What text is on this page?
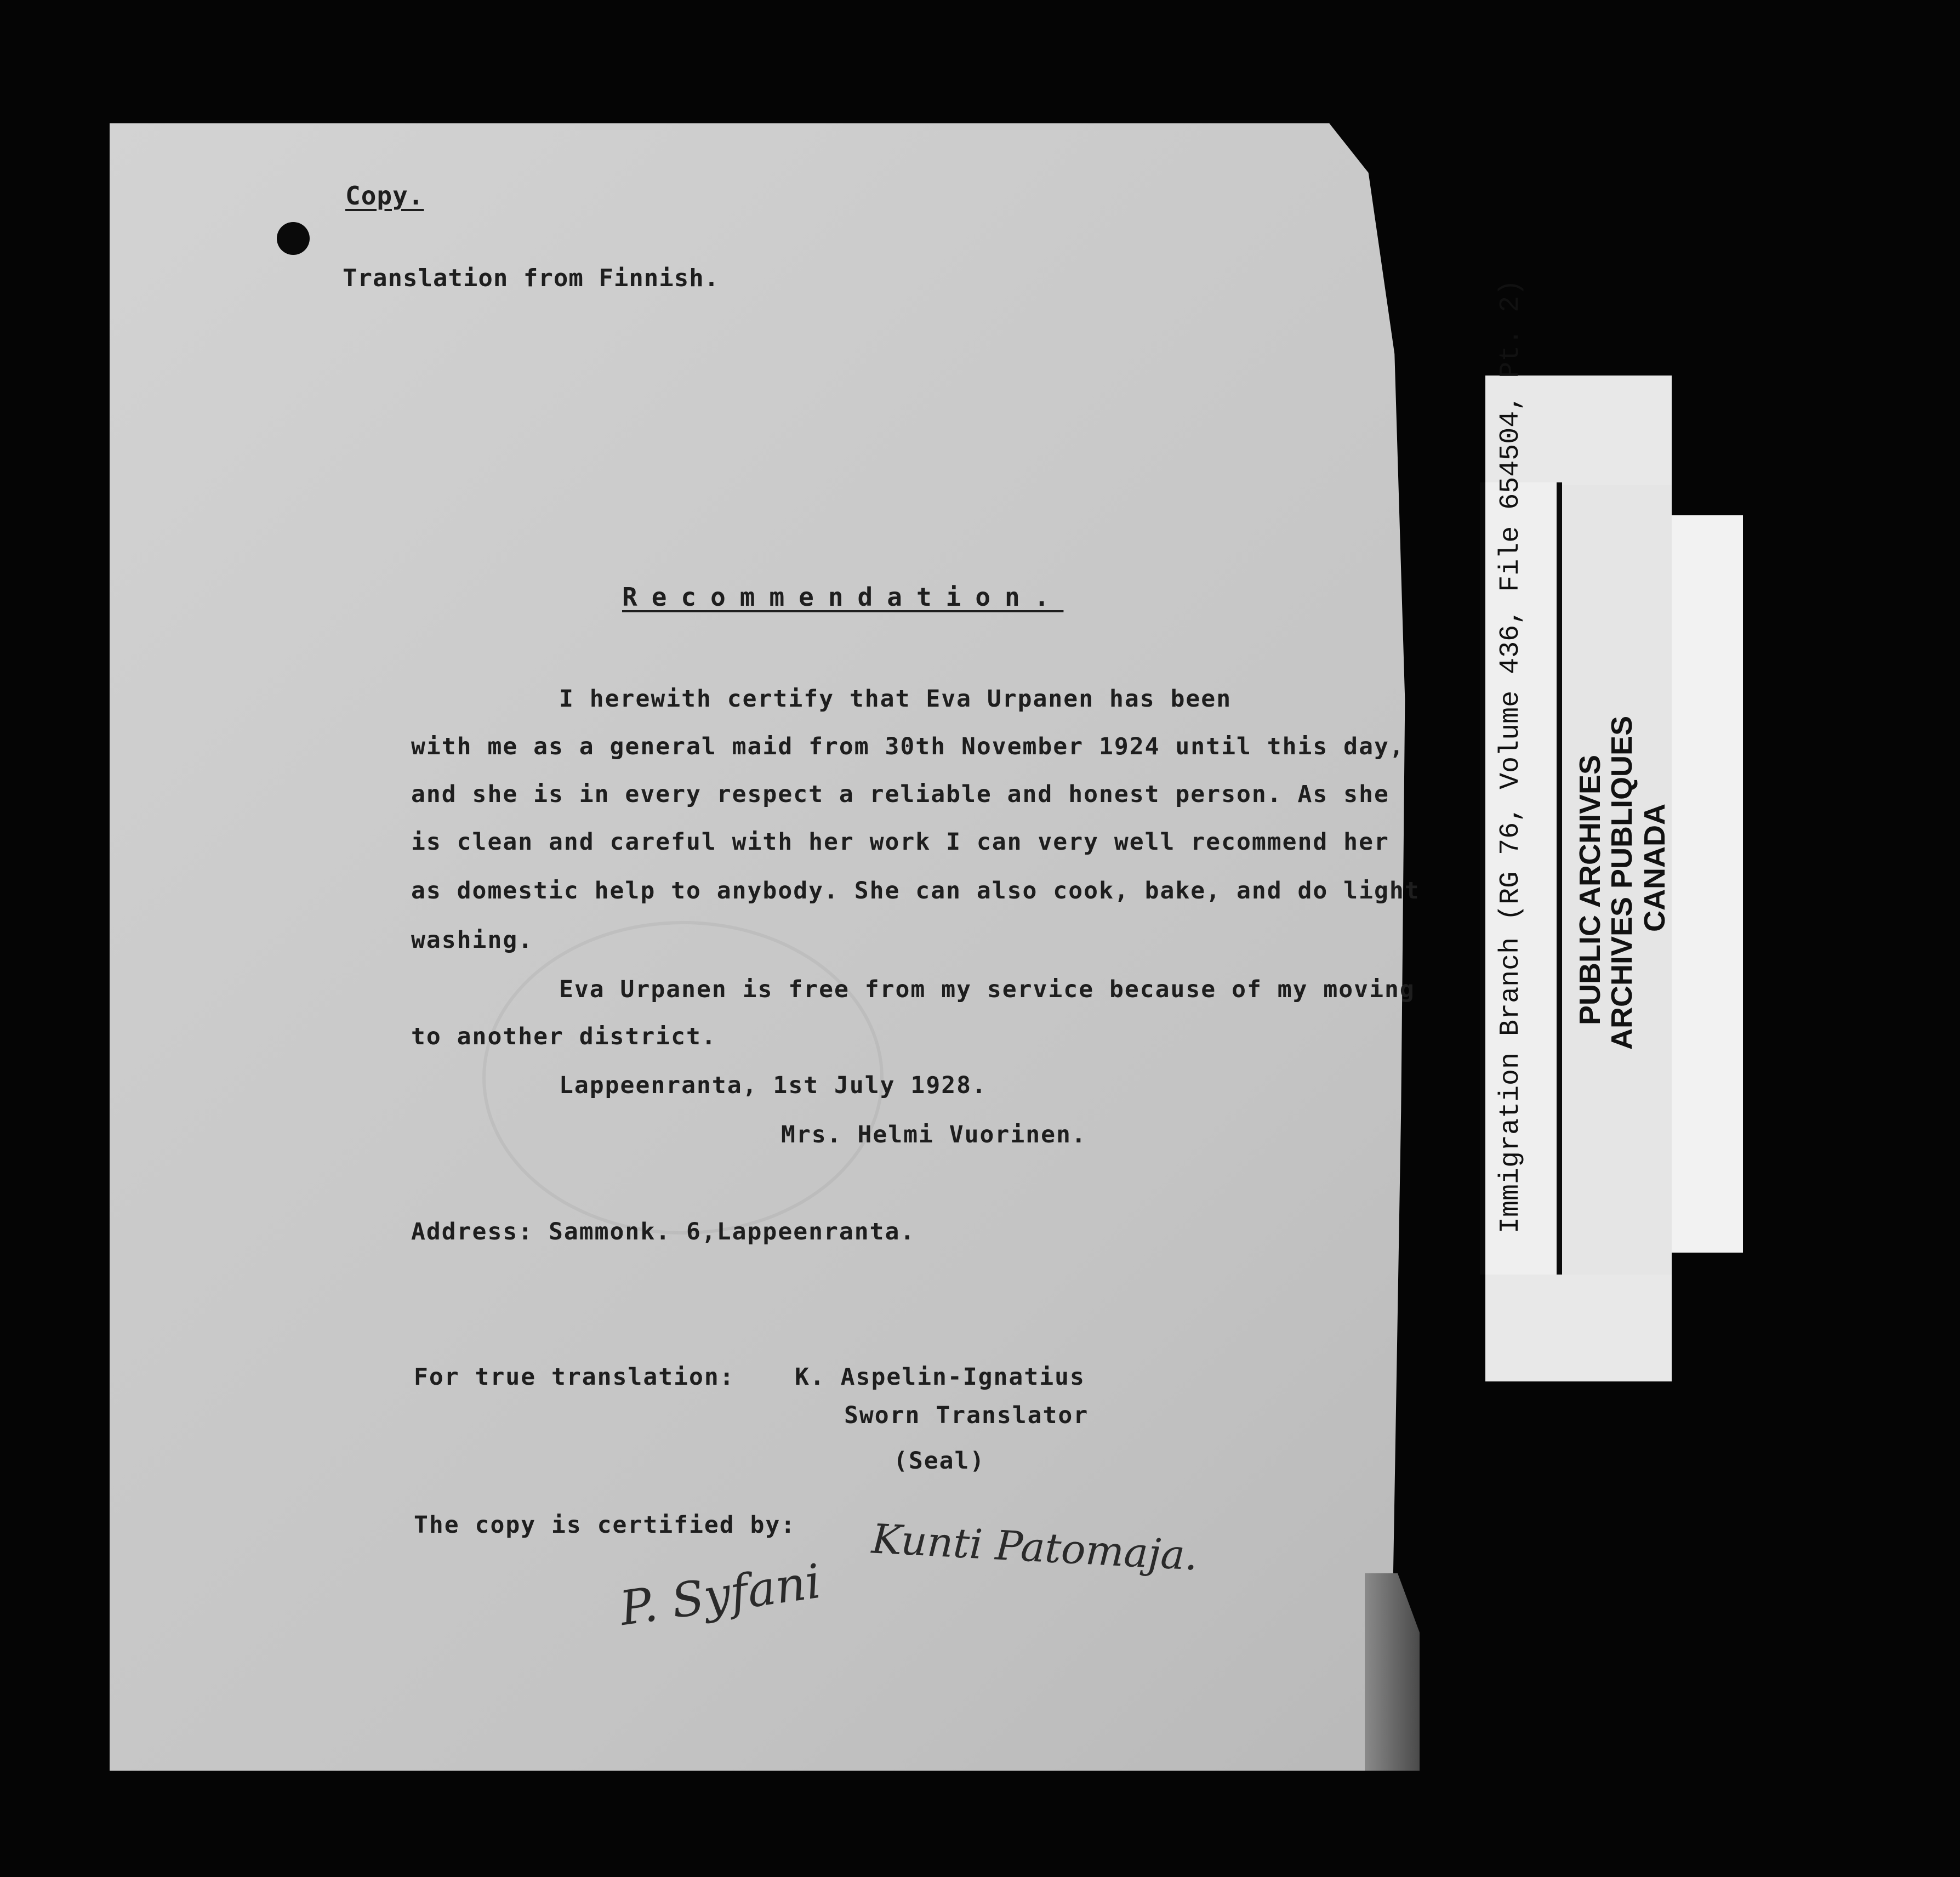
Copy.
Translation from Finnish.
Recommendation.
I herewith certify that Eva Urpanen has been
with me as a general maid from 30th November 1924 until this day,
and she is in every respect a reliable and honest person. As she
is clean and careful with her work I can very well recommend her
as domestic help to anybody. She can also cook, bake, and do light
washing.
Eva Urpanen is free from my service because of my moving
to another district.
Lappeenranta, 1st July 1928.
Mrs. Helmi Vuorinen.
Address: Sammonk. 6,Lappeenranta.
For true translation:	K. Aspelin-Ignatius
Sworn Translator
(Seal)
The copy is certified by:
P. Syfani
Kunti Patomaja.
Immigration Branch (RG 76, Volume 436, File 654504, Pt. 2) PUBLIC ARCHIVES
ARCHIVES PUBLIQUES CANADA
